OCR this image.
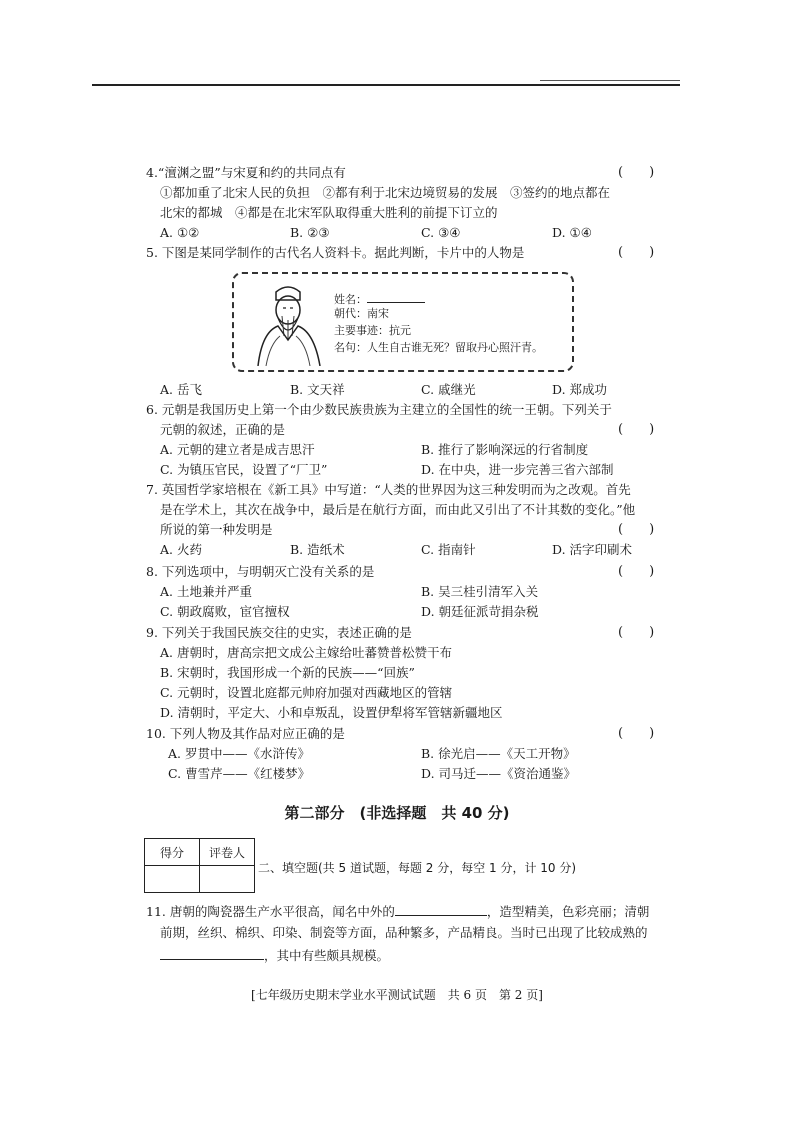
4.“澶渊之盟”与宋夏和约的共同点有	(　　)
①都加重了北宋人民的负担　②都有利于北宋边境贸易的发展　③签约的地点都在
北宋的都城　④都是在北宋军队取得重大胜利的前提下订立的
A. ①②	B. ②③	C. ③④	D. ①④
5. 下图是某同学制作的古代名人资料卡。据此判断，卡片中的人物是	(　　)
姓名：
朝代：南宋
主要事迹：抗元
名句：人生自古谁无死？留取丹心照汗青。
A. 岳飞	B. 文天祥	C. 戚继光	D. 郑成功
6. 元朝是我国历史上第一个由少数民族贵族为主建立的全国性的统一王朝。下列关于
元朝的叙述，正确的是	(　　)
A. 元朝的建立者是成吉思汗	B. 推行了影响深远的行省制度
C. 为镇压官民，设置了“厂卫”	D. 在中央，进一步完善三省六部制
7. 英国哲学家培根在《新工具》中写道：“人类的世界因为这三种发明而为之改观。首先
是在学术上，其次在战争中，最后是在航行方面，而由此又引出了不计其数的变化。”他
所说的第一种发明是	(　　)
A. 火药	B. 造纸术	C. 指南针	D. 活字印刷术
8. 下列选项中，与明朝灭亡没有关系的是	(　　)
A. 土地兼并严重	B. 吴三桂引清军入关
C. 朝政腐败，宦官擅权	D. 朝廷征派苛捐杂税
9. 下列关于我国民族交往的史实，表述正确的是	(　　)
A. 唐朝时，唐高宗把文成公主嫁给吐蕃赞普松赞干布
B. 宋朝时，我国形成一个新的民族——“回族”
C. 元朝时，设置北庭都元帅府加强对西藏地区的管辖
D. 清朝时，平定大、小和卓叛乱，设置伊犁将军管辖新疆地区
10. 下列人物及其作品对应正确的是	(　　)
A. 罗贯中——《水浒传》	B. 徐光启——《天工开物》
C. 曹雪芹——《红楼梦》	D. 司马迁——《资治通鉴》
第二部分　(非选择题　共 40 分)
得分	评卷人

二、填空题(共 5 道试题，每题 2 分，每空 1 分，计 10 分)
11. 唐朝的陶瓷器生产水平很高，闻名中外的	，造型精美，色彩亮丽；清朝
前期，丝织、棉织、印染、制瓷等方面，品种繁多，产品精良。当时已出现了比较成熟的
，其中有些颇具规模。
[七年级历史期末学业水平测试试题　共 6 页　第 2 页]
